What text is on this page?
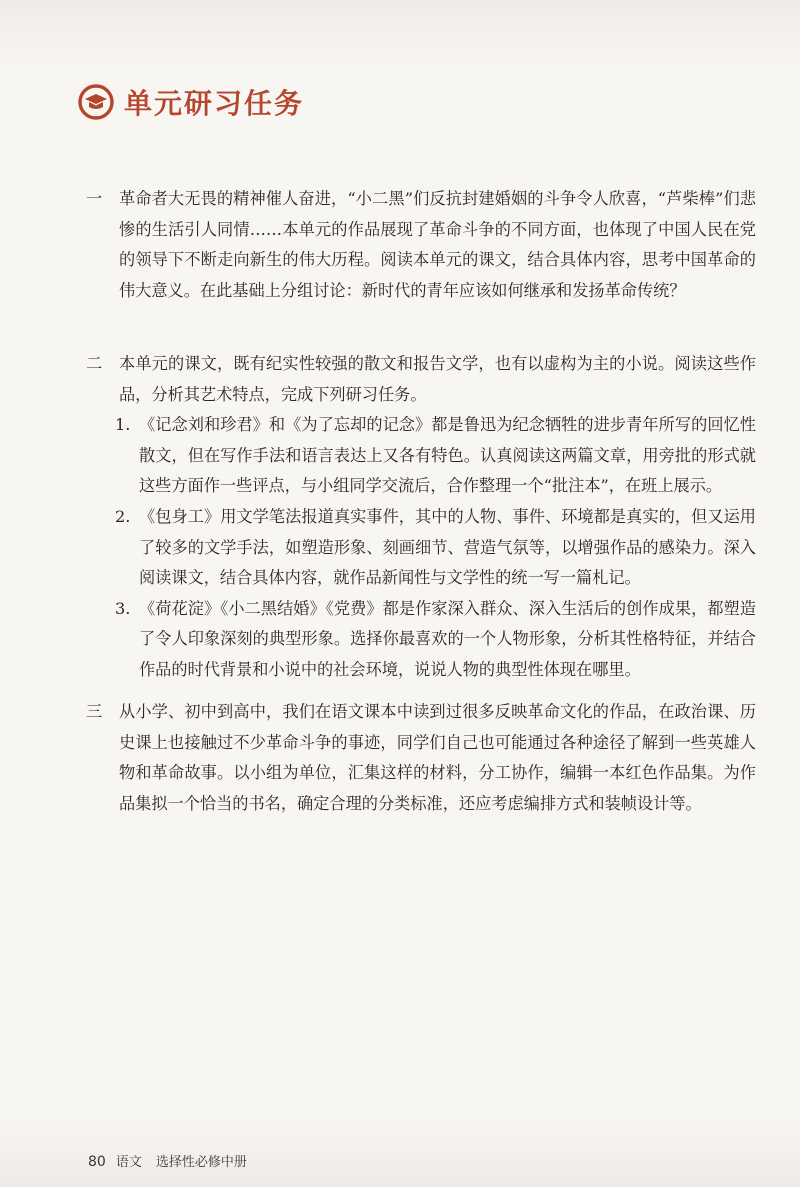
单元研习任务
一	革命者大无畏的精神催人奋进，“小二黑”们反抗封建婚姻的斗争令人欣喜，“芦柴棒”们悲惨的生活引人同情……本单元的作品展现了革命斗争的不同方面，也体现了中国人民在党的领导下不断走向新生的伟大历程。阅读本单元的课文，结合具体内容，思考中国革命的伟大意义。在此基础上分组讨论：新时代的青年应该如何继承和发扬革命传统？
二	本单元的课文，既有纪实性较强的散文和报告文学，也有以虚构为主的小说。阅读这些作品，分析其艺术特点，完成下列研习任务。
1. 《记念刘和珍君》和《为了忘却的记念》都是鲁迅为纪念牺牲的进步青年所写的回忆性散文，但在写作手法和语言表达上又各有特色。认真阅读这两篇文章，用旁批的形式就这些方面作一些评点，与小组同学交流后，合作整理一个“批注本”，在班上展示。
2. 《包身工》用文学笔法报道真实事件，其中的人物、事件、环境都是真实的，但又运用了较多的文学手法，如塑造形象、刻画细节、营造气氛等，以增强作品的感染力。深入阅读课文，结合具体内容，就作品新闻性与文学性的统一写一篇札记。
3. 《荷花淀》《小二黑结婚》《党费》都是作家深入群众、深入生活后的创作成果，都塑造了令人印象深刻的典型形象。选择你最喜欢的一个人物形象，分析其性格特征，并结合作品的时代背景和小说中的社会环境，说说人物的典型性体现在哪里。
三	从小学、初中到高中，我们在语文课本中读到过很多反映革命文化的作品，在政治课、历史课上也接触过不少革命斗争的事迹，同学们自己也可能通过各种途径了解到一些英雄人物和革命故事。以小组为单位，汇集这样的材料，分工协作，编辑一本红色作品集。为作品集拟一个恰当的书名，确定合理的分类标准，还应考虑编排方式和装帧设计等。
80 语文 选择性必修中册
